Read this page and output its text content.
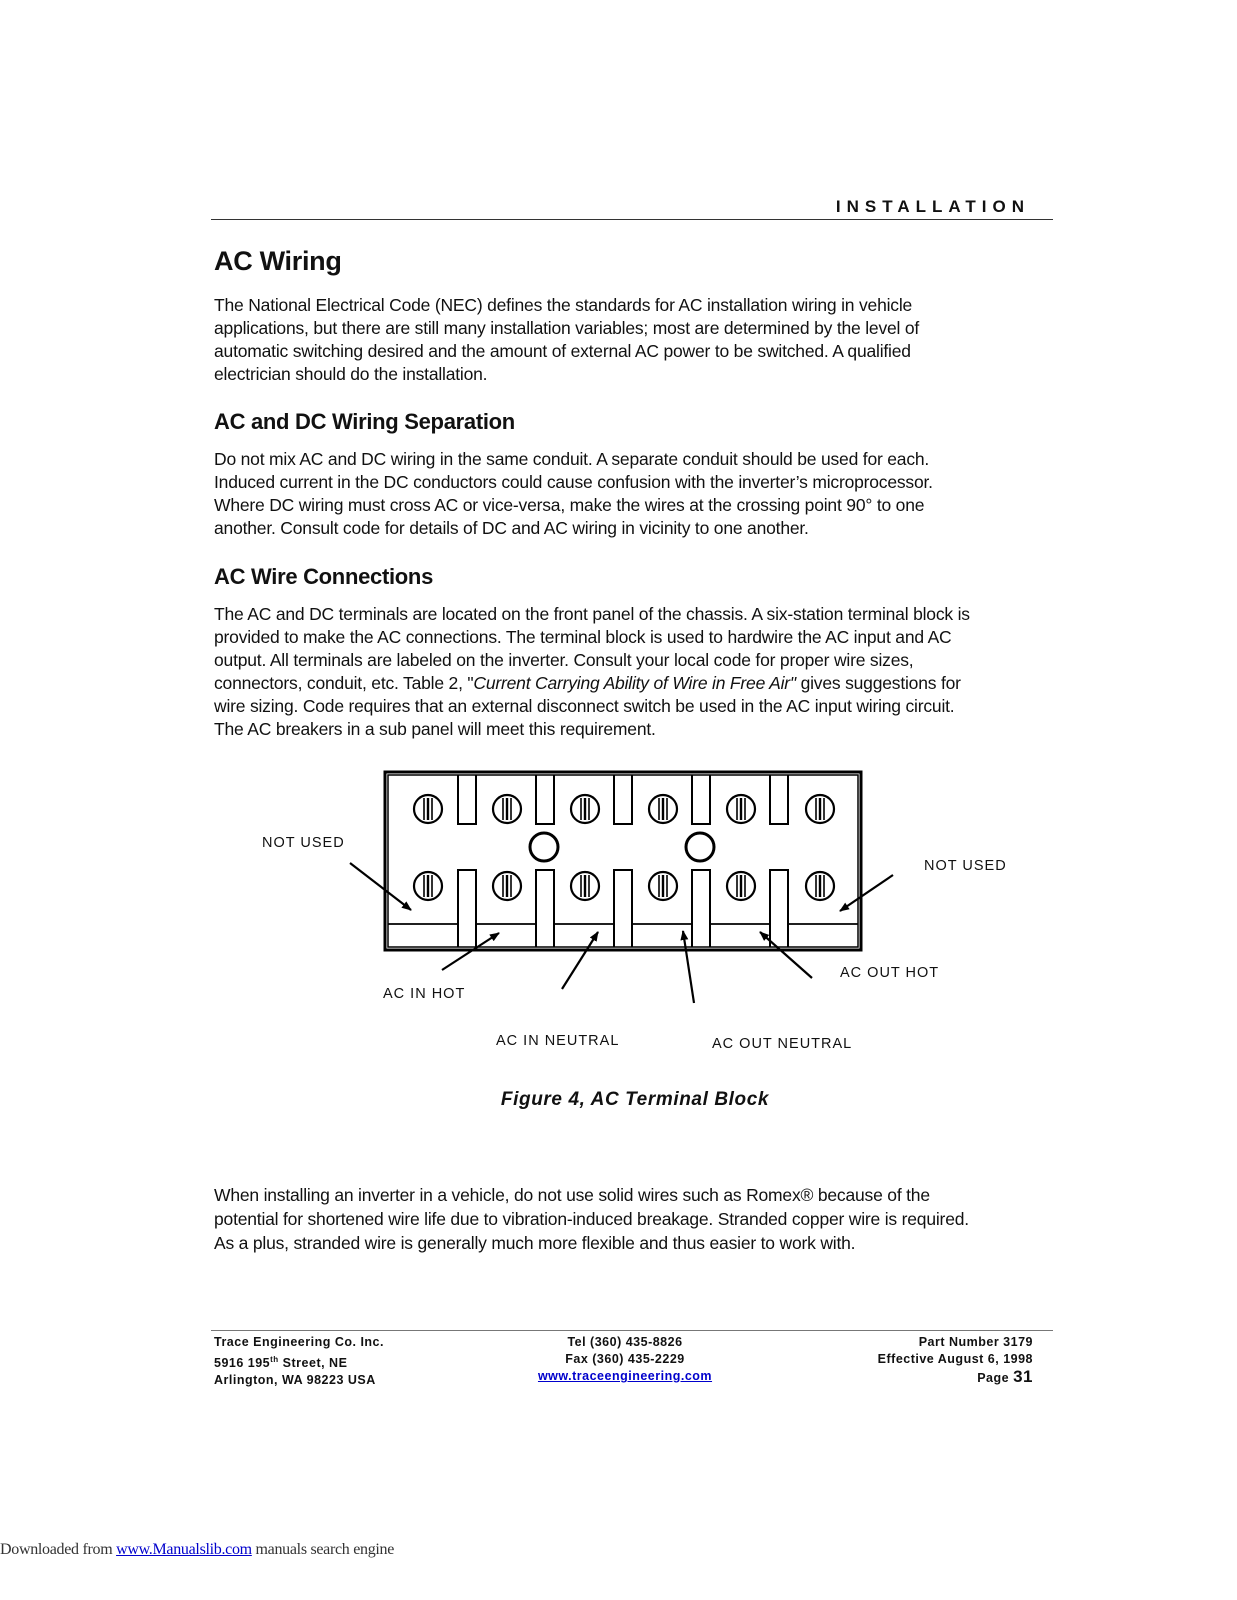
INSTALLATION
AC Wiring
The National Electrical Code (NEC) defines the standards for AC installation wiring in vehicle
applications, but there are still many installation variables; most are determined by the level of
automatic switching desired and the amount of external AC power to be switched. A qualified
electrician should do the installation.
AC and DC Wiring Separation
Do not mix AC and DC wiring in the same conduit. A separate conduit should be used for each.
Induced current in the DC conductors could cause confusion with the inverter’s microprocessor.
Where DC wiring must cross AC or vice-versa, make the wires at the crossing point 90° to one
another. Consult code for details of DC and AC wiring in vicinity to one another.
AC Wire Connections
The AC and DC terminals are located on the front panel of the chassis. A six-station terminal block is
provided to make the AC connections. The terminal block is used to hardwire the AC input and AC
output. All terminals are labeled on the inverter. Consult your local code for proper wire sizes,
connectors, conduit, etc. Table 2, "Current Carrying Ability of Wire in Free Air" gives suggestions for
wire sizing. Code requires that an external disconnect switch be used in the AC input wiring circuit.
The AC breakers in a sub panel will meet this requirement.
NOT USED
NOT USED
AC IN HOT
AC IN NEUTRAL
AC OUT HOT
AC OUT NEUTRAL
Figure 4, AC Terminal Block
When installing an inverter in a vehicle, do not use solid wires such as Romex® because of the
potential for shortened wire life due to vibration-induced breakage. Stranded copper wire is required.
As a plus, stranded wire is generally much more flexible and thus easier to work with.
Trace Engineering Co. Inc.
5916 195th Street, NE
Arlington, WA 98223 USA
Tel (360) 435-8826
Fax (360) 435-2229
www.traceengineering.com
Part Number 3179
Effective August 6, 1998
Page 31
Downloaded from www.Manualslib.com manuals search engine
